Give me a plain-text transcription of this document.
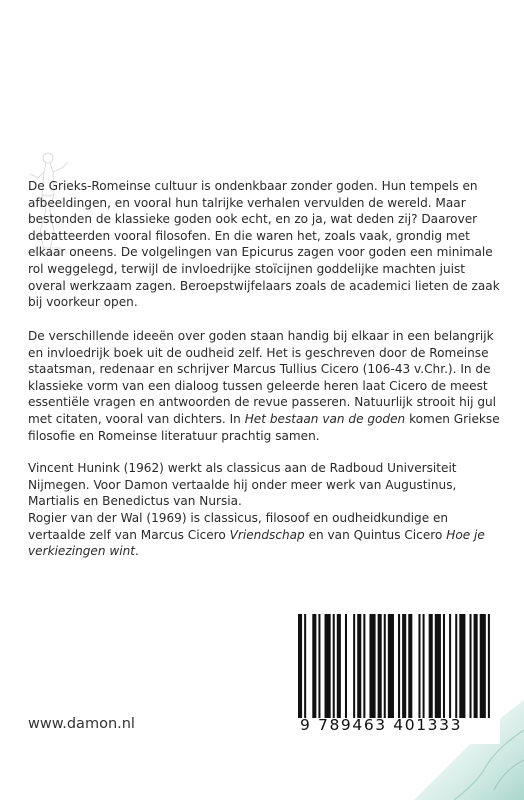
De Grieks-Romeinse cultuur is ondenkbaar zonder goden. Hun tempels en afbeeldingen, en vooral hun talrijke verhalen vervulden de wereld. Maar bestonden de klassieke goden ook echt, en zo ja, wat deden zij? Daarover debatteerden vooral filosofen. En die waren het, zoals vaak, grondig met elkaar oneens. De volgelingen van Epicurus zagen voor goden een minimale rol weggelegd, terwijl de invloedrijke stoïcijnen goddelijke machten juist overal werkzaam zagen. Beroepstwijfelaars zoals de academici lieten de zaak bij voorkeur open.

De verschillende ideeën over goden staan handig bij elkaar in een belangrijk en invloedrijk boek uit de oudheid zelf. Het is geschreven door de Romeinse staatsman, redenaar en schrijver Marcus Tullius Cicero (106-43 v.Chr.). In de klassieke vorm van een dialoog tussen geleerde heren laat Cicero de meest essentiële vragen en antwoorden de revue passeren. Natuurlijk strooit hij gul met citaten, vooral van dichters. In Het bestaan van de goden komen Griekse filosofie en Romeinse literatuur prachtig samen.

Vincent Hunink (1962) werkt als classicus aan de Radboud Universiteit Nijmegen. Voor Damon vertaalde hij onder meer werk van Augustinus, Martialis en Benedictus van Nursia.

Rogier van der Wal (1969) is classicus, filosoof en oudheidkundige en vertaalde zelf van Marcus Cicero Vriendschap en van Quintus Cicero Hoe je verkiezingen wint.

www.damon.nl	9 789463 401333
